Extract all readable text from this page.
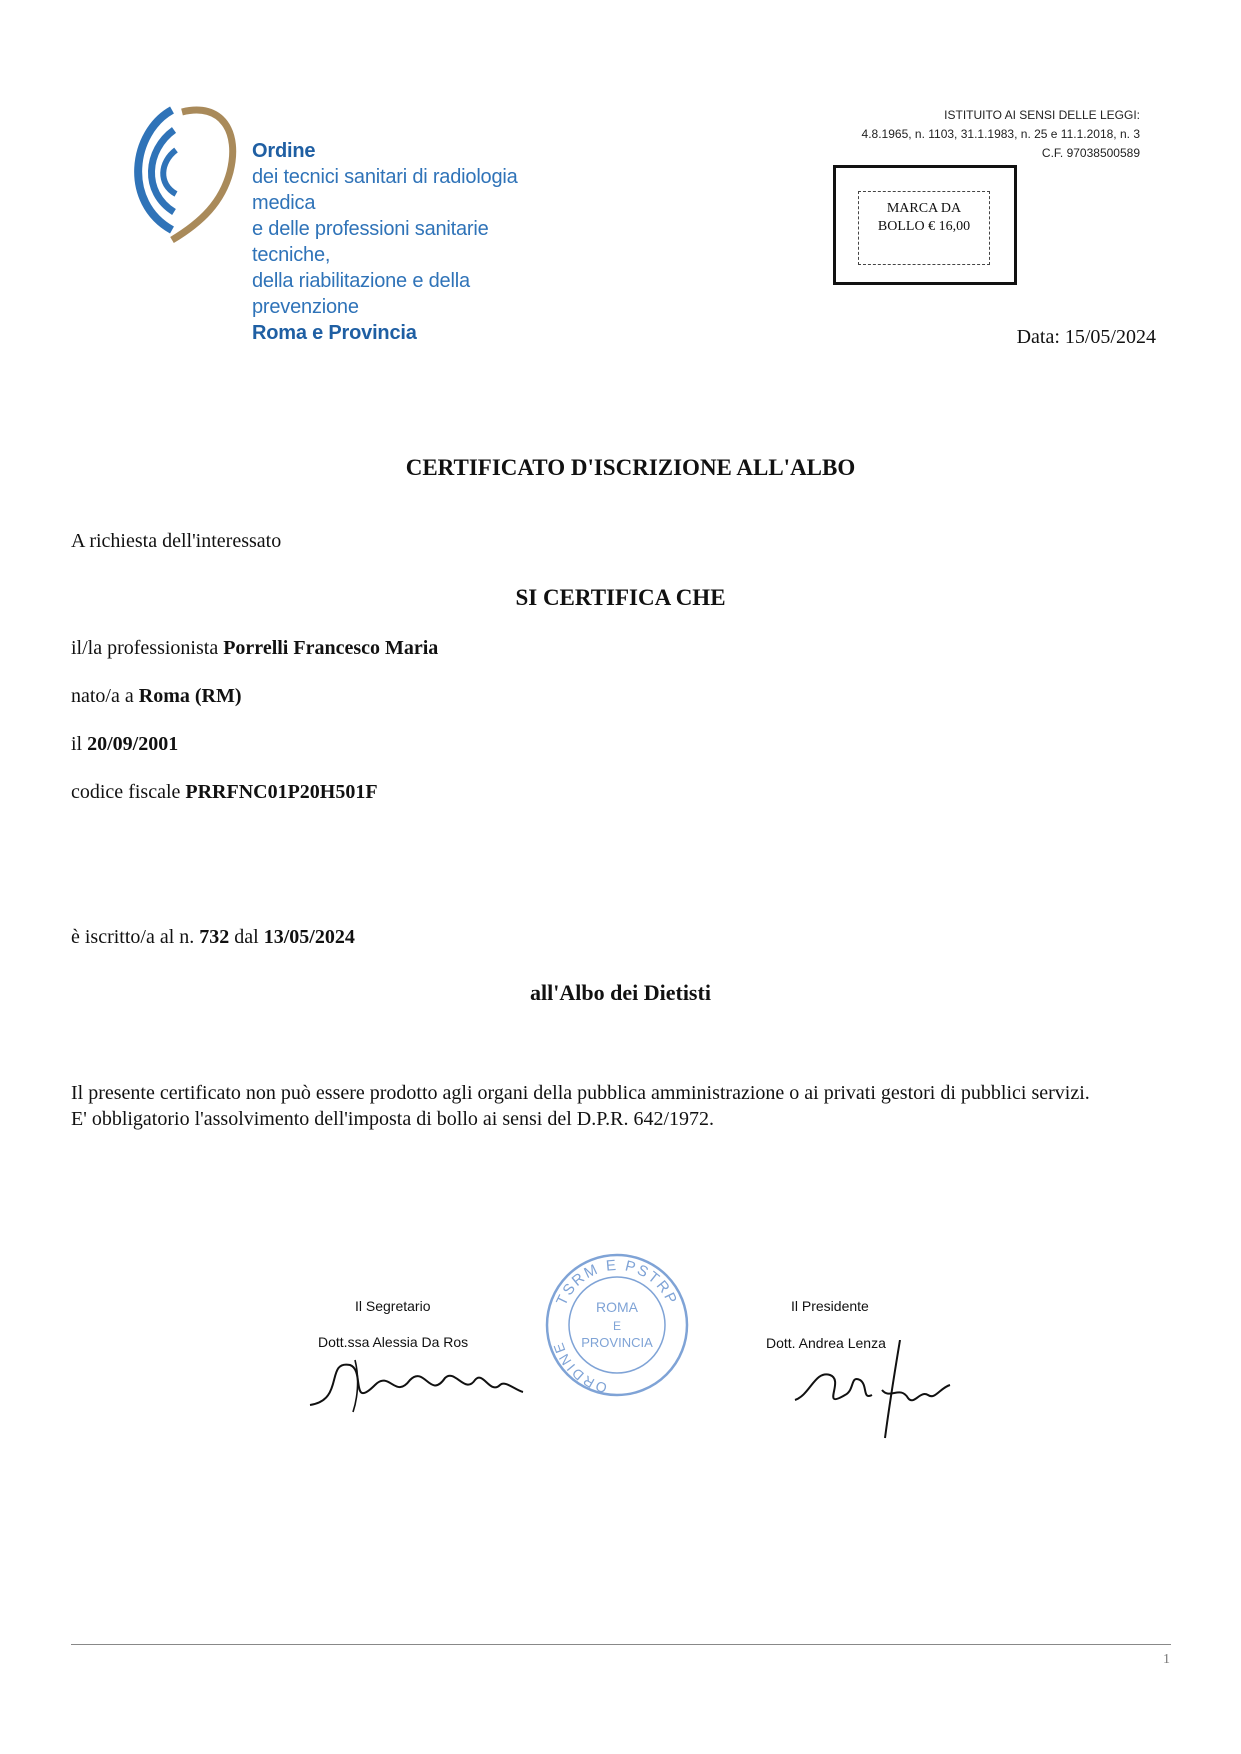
Ordine
dei tecnici sanitari di radiologia medica
e delle professioni sanitarie tecniche,
della riabilitazione e della prevenzione
Roma e Provincia
ISTITUITO AI SENSI DELLE LEGGI:
4.8.1965, n. 1103, 31.1.1983, n. 25 e 11.1.2018, n. 3
C.F. 97038500589
MARCA DA
BOLLO € 16,00
Data: 15/05/2024
CERTIFICATO D'ISCRIZIONE ALL'ALBO
A richiesta dell'interessato
SI CERTIFICA CHE
il/la professionista Porrelli Francesco Maria
nato/a a Roma (RM)
il 20/09/2001
codice fiscale PRRFNC01P20H501F
è iscritto/a al n. 732 dal 13/05/2024
all'Albo dei Dietisti
Il presente certificato non può essere prodotto agli organi della pubblica amministrazione o ai privati gestori di pubblici servizi.
E' obbligatorio l'assolvimento dell'imposta di bollo ai sensi del D.P.R. 642/1972.
Il Segretario
Dott.ssa Alessia Da Ros
TSRM E PSTRP
ORDINE
ROMA
E
PROVINCIA
Il Presidente
Dott. Andrea Lenza
1
